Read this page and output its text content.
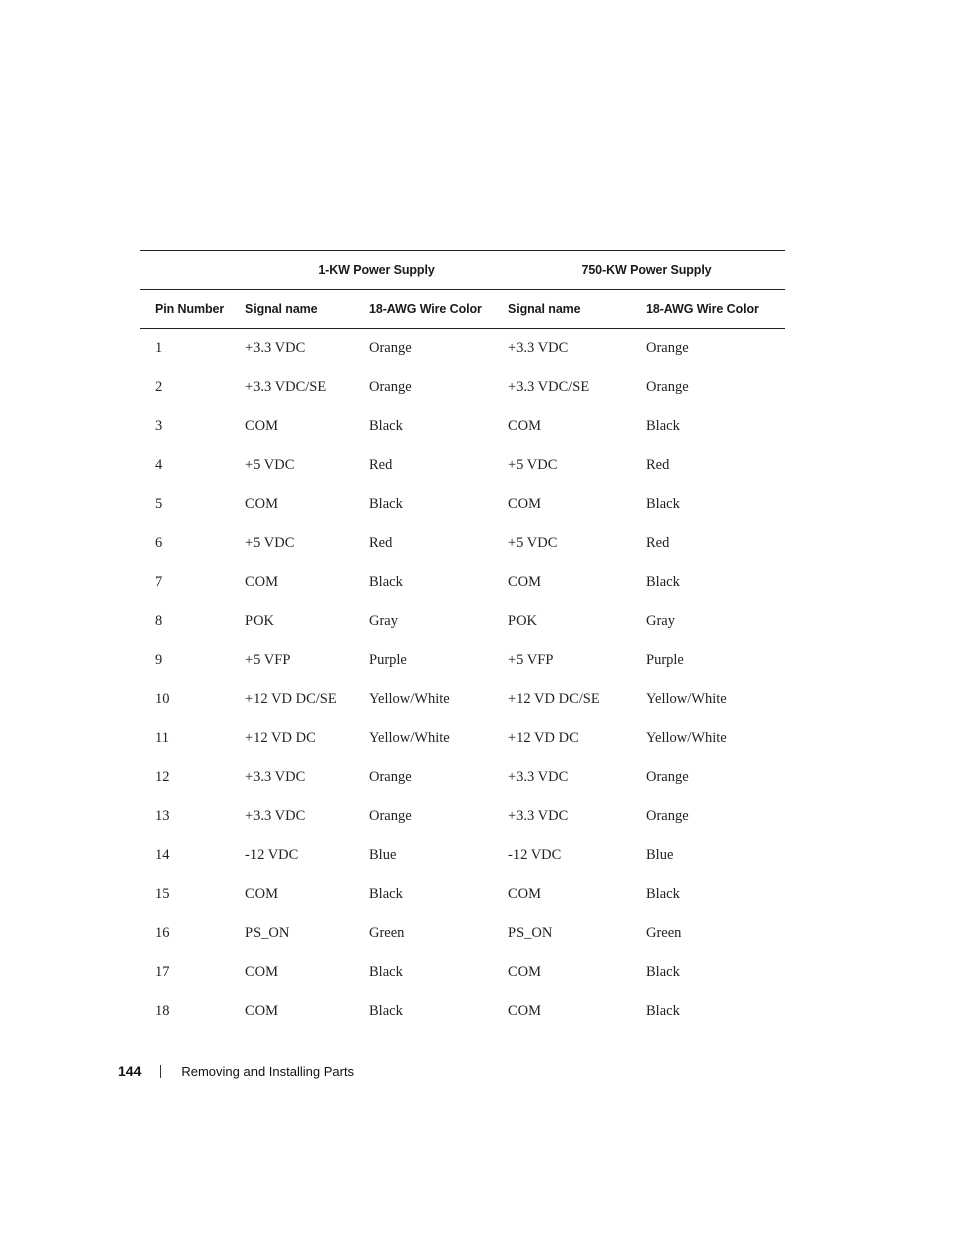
	1-KW Power Supply		750-KW Power Supply	
Pin Number	Signal name	18-AWG Wire Color	Signal name	18-AWG Wire Color
1	+3.3 VDC	Orange	+3.3 VDC	Orange
2	+3.3 VDC/SE	Orange	+3.3 VDC/SE	Orange
3	COM	Black	COM	Black
4	+5 VDC	Red	+5 VDC	Red
5	COM	Black	COM	Black
6	+5 VDC	Red	+5 VDC	Red
7	COM	Black	COM	Black
8	POK	Gray	POK	Gray
9	+5 VFP	Purple	+5 VFP	Purple
10	+12 VD DC/SE	Yellow/White	+12 VD DC/SE	Yellow/White
11	+12 VD DC	Yellow/White	+12 VD DC	Yellow/White
12	+3.3 VDC	Orange	+3.3 VDC	Orange
13	+3.3 VDC	Orange	+3.3 VDC	Orange
14	-12 VDC	Blue	-12 VDC	Blue
15	COM	Black	COM	Black
16	PS_ON	Green	PS_ON	Green
17	COM	Black	COM	Black
18	COM	Black	COM	Black
144	Removing and Installing Parts
